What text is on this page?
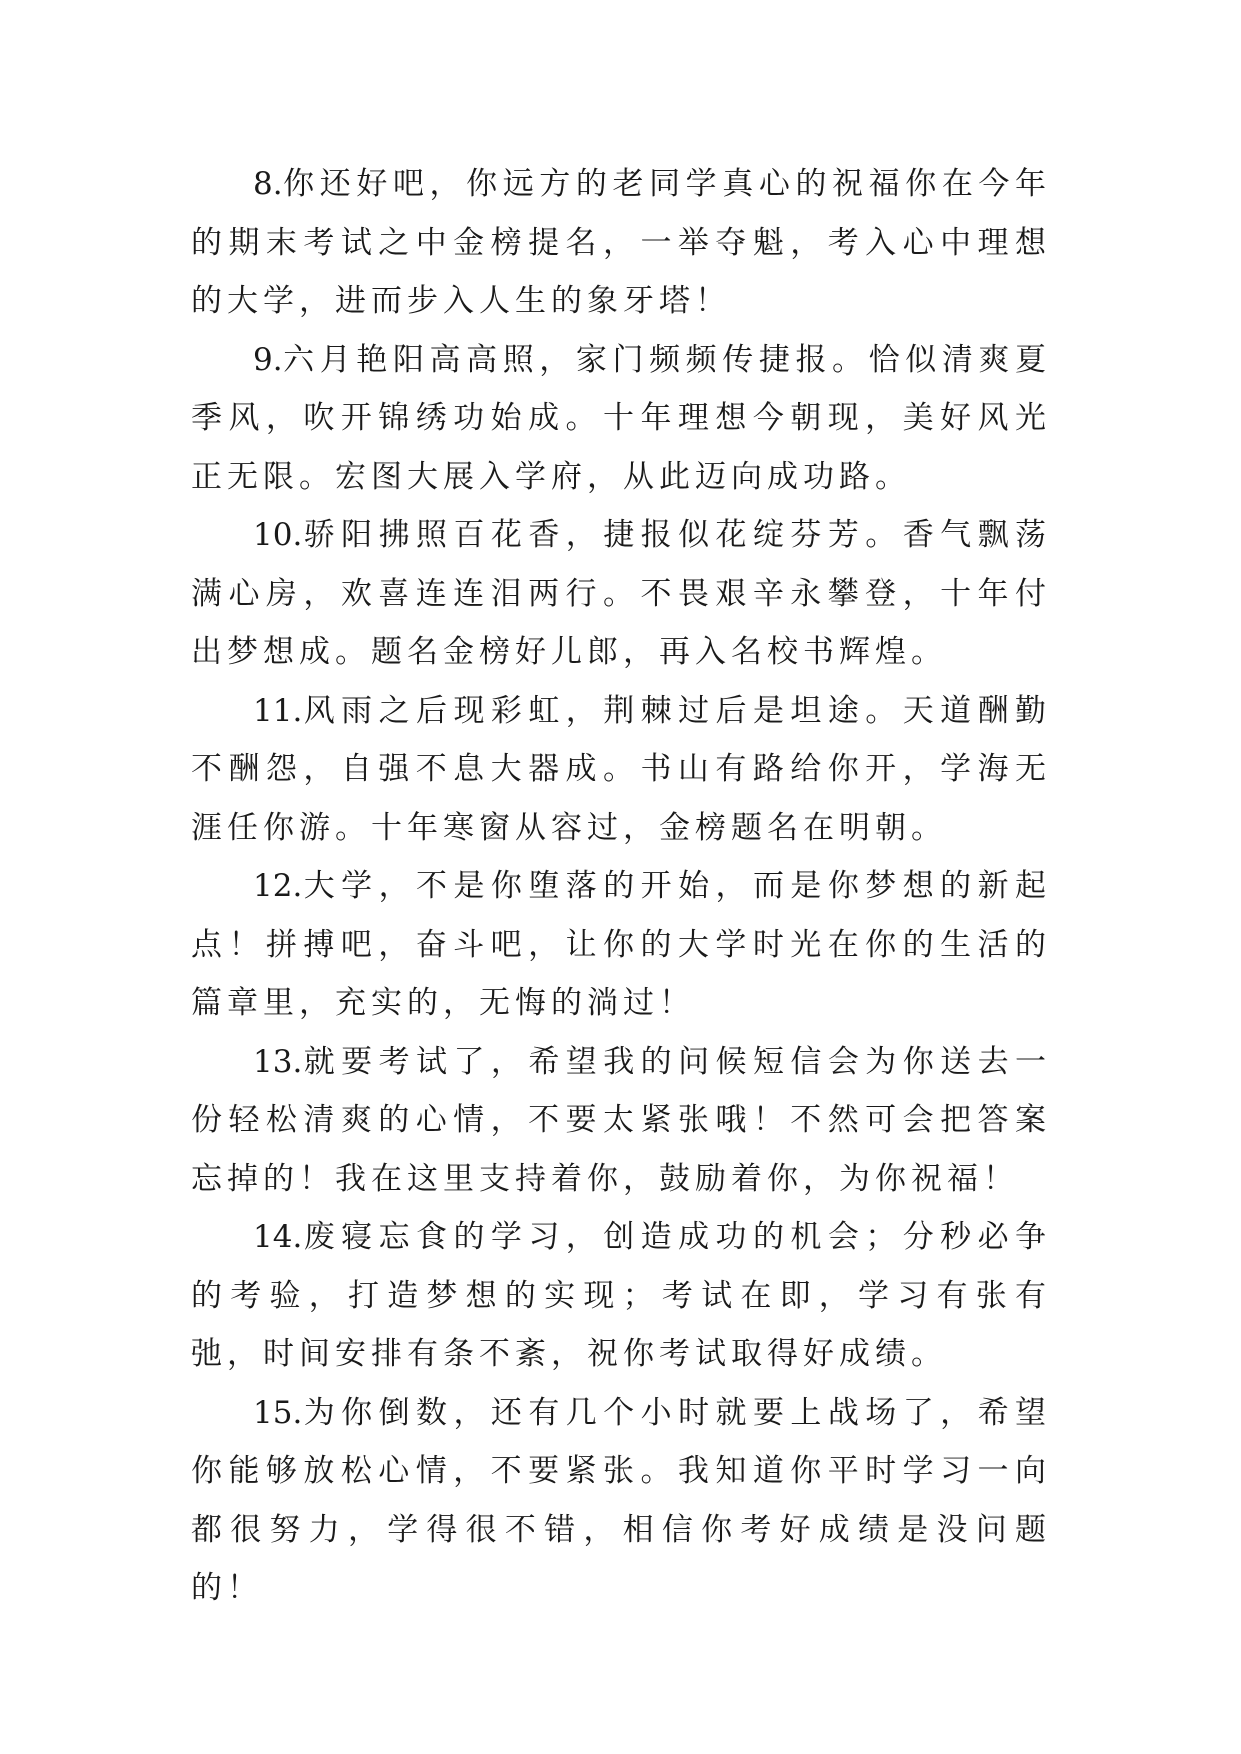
8.你还好吧，你远方的老同学真心的祝福你在今年的期末考试之中金榜提名，一举夺魁，考入心中理想的大学，进而步入人生的象牙塔！

9.六月艳阳高高照，家门频频传捷报。恰似清爽夏季风，吹开锦绣功始成。十年理想今朝现，美好风光正无限。宏图大展入学府，从此迈向成功路。

10.骄阳拂照百花香，捷报似花绽芬芳。香气飘荡满心房，欢喜连连泪两行。不畏艰辛永攀登，十年付出梦想成。题名金榜好儿郎，再入名校书辉煌。

11.风雨之后现彩虹，荆棘过后是坦途。天道酬勤不酬怨，自强不息大器成。书山有路给你开，学海无涯任你游。十年寒窗从容过，金榜题名在明朝。

12.大学，不是你堕落的开始，而是你梦想的新起点！拼搏吧，奋斗吧，让你的大学时光在你的生活的篇章里，充实的，无悔的淌过！

13.就要考试了，希望我的问候短信会为你送去一份轻松清爽的心情，不要太紧张哦！不然可会把答案忘掉的！我在这里支持着你，鼓励着你，为你祝福！

14.废寝忘食的学习，创造成功的机会；分秒必争的考验，打造梦想的实现；考试在即，学习有张有弛，时间安排有条不紊，祝你考试取得好成绩。

15.为你倒数，还有几个小时就要上战场了，希望你能够放松心情，不要紧张。我知道你平时学习一向都很努力，学得很不错，相信你考好成绩是没问题的！
